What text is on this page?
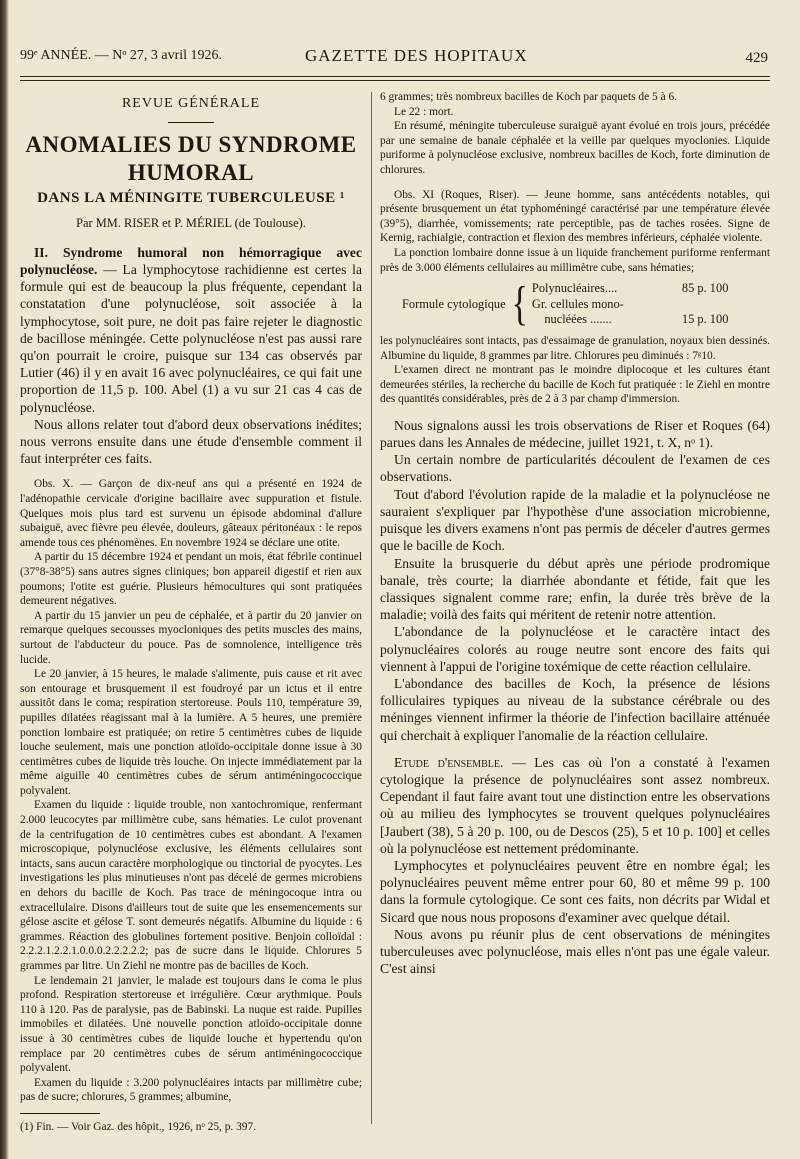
99ᵉ ANNÉE. — Nᵒ 27, 3 avril 1926.	GAZETTE DES HOPITAUX	429
REVUE GÉNÉRALE
ANOMALIES DU SYNDROME HUMORAL
DANS LA MÉNINGITE TUBERCULEUSE ¹
Par MM. RISER et P. MÉRIEL (de Toulouse).

II. Syndrome humoral non hémorragique avec polynucléose. — La lymphocytose rachidienne est certes la formule qui est de beaucoup la plus fréquente, cependant la constatation d'une polynucléose, soit associée à la lymphocytose, soit pure, ne doit pas faire rejeter le diagnostic de bacillose méningée. Cette polynucléose n'est pas aussi rare qu'on pourrait le croire, puisque sur 134 cas observés par Lutier (46) il y en avait 16 avec polynucléaires, ce qui fait une proportion de 11,5 p. 100. Abel (1) a vu sur 21 cas 4 cas de polynucléose.

Nous allons relater tout d'abord deux observations inédites; nous verrons ensuite dans une étude d'ensemble comment il faut interpréter ces faits.

Obs. X. — Garçon de dix-neuf ans qui a présenté en 1924 de l'adénopathie cervicale d'origine bacillaire avec suppuration et fistule. Quelques mois plus tard est survenu un épisode abdominal d'allure subaiguë, avec fièvre peu élevée, douleurs, gâteaux péritonéaux : le repos amende tous ces phénomènes. En novembre 1924 se déclare une otite.

A partir du 15 décembre 1924 et pendant un mois, état fébrile continuel (37°8-38°5) sans autres signes cliniques; bon appareil digestif et rien aux poumons; l'otite est guérie. Plusieurs hémocultures qui sont pratiquées demeurent négatives.

A partir du 15 janvier un peu de céphalée, et à partir du 20 janvier on remarque quelques secousses myocloniques des petits muscles des mains, surtout de l'abducteur du pouce. Pas de somnolence, intelligence très lucide.

Le 20 janvier, à 15 heures, le malade s'alimente, puis cause et rit avec son entourage et brusquement il est foudroyé par un ictus et il entre aussitôt dans le coma; respiration stertoreuse. Pouls 110, température 39, pupilles dilatées réagissant mal à la lumière. A 5 heures, une première ponction lombaire est pratiquée; on retire 5 centimètres cubes de liquide louche seulement, mais une ponction atloïdo-occipitale donne issue à 30 centimètres cubes de liquide très louche. On injecte immédiatement par la même aiguille 40 centimètres cubes de sérum antiméningococcique polyvalent.

Examen du liquide : liquide trouble, non xantochromique, renfermant 2.000 leucocytes par millimètre cube, sans hématies. Le culot provenant de la centrifugation de 10 centimètres cubes est abondant. A l'examen microscopique, polynucléose exclusive, les éléments cellulaires sont intacts, sans aucun caractère morphologique ou tinctorial de pyocytes. Les investigations les plus minutieuses n'ont pas décelé de germes microbiens en dehors du bacille de Koch. Pas trace de méningocoque intra ou extracellulaire. Disons d'ailleurs tout de suite que les ensemencements sur gélose ascite et gélose T. sont demeurés négatifs. Albumine du liquide : 6 grammes. Réaction des globulines fortement positive. Benjoin colloïdal : 2.2.2.1.2.2.1.0.0.0.2.2.2.2.2; pas de sucre dans le liquide. Chlorures 5 grammes par litre. Un Ziehl ne montre pas de bacilles de Koch.

Le lendemain 21 janvier, le malade est toujours dans le coma le plus profond. Respiration stertoreuse et irrégulière. Cœur arythmique. Pouls 110 à 120. Pas de paralysie, pas de Babinski. La nuque est raide. Pupilles immobiles et dilatées. Une nouvelle ponction atloïdo-occipitale donne issue à 30 centimètres cubes de liquide louche et hypertendu qu'on remplace par 20 centimètres cubes de sérum antiméningococcique polyvalent.

Examen du liquide : 3.200 polynucléaires intacts par millimètre cube; pas de sucre; chlorures, 5 grammes; albumine,

(1) Fin. — Voir Gaz. des hôpit., 1926, nᵒ 25, p. 397.

6 grammes; très nombreux bacilles de Koch par paquets de 5 à 6.

Le 22 : mort.

En résumé, méningite tuberculeuse suraiguë ayant évolué en trois jours, précédée par une semaine de banale céphalée et la veille par quelques myoclonies. Liquide puriforme à polynucléose exclusive, nombreux bacilles de Koch, forte diminution de chlorures.

Obs. XI (Roques, Riser). — Jeune homme, sans antécédents notables, qui présente brusquement un état typhoméningé caractérisé par une température élevée (39°5), diarrhée, vomissements; rate perceptible, pas de taches rosées. Signe de Kernig, rachialgie, contraction et flexion des membres inférieurs, céphalée violente.

La ponction lombaire donne issue à un liquide franchement puriforme renfermant près de 3.000 éléments cellulaires au millimètre cube, sans hématies;

Formule cytologique { Polynucléaires....	85 p. 100
Gr. cellules mono-
nucléées .......	15 p. 100

les polynucléaires sont intacts, pas d'essaimage de granulation, noyaux bien dessinés. Albumine du liquide, 8 grammes par litre. Chlorures peu diminués : 7ᵍ10.

L'examen direct ne montrant pas le moindre diplocoque et les cultures étant demeurées stériles, la recherche du bacille de Koch fut pratiquée : le Ziehl en montre des quantités considérables, près de 2 à 3 par champ d'immersion.

Nous signalons aussi les trois observations de Riser et Roques (64) parues dans les Annales de médecine, juillet 1921, t. X, nᵒ 1).

Un certain nombre de particularités découlent de l'examen de ces observations.

Tout d'abord l'évolution rapide de la maladie et la polynucléose ne sauraient s'expliquer par l'hypothèse d'une association microbienne, puisque les divers examens n'ont pas permis de déceler d'autres germes que le bacille de Koch.

Ensuite la brusquerie du début après une période prodromique banale, très courte; la diarrhée abondante et fétide, fait que les classiques signalent comme rare; enfin, la durée très brève de la maladie; voilà des faits qui méritent de retenir notre attention.

L'abondance de la polynucléose et le caractère intact des polynucléaires colorés au rouge neutre sont encore des faits qui viennent à l'appui de l'origine toxémique de cette réaction cellulaire.

L'abondance des bacilles de Koch, la présence de lésions folliculaires typiques au niveau de la substance cérébrale ou des méninges viennent infirmer la théorie de l'infection bacillaire atténuée qui cherchait à expliquer l'anomalie de la réaction cellulaire.

Etude d'ensemble. — Les cas où l'on a constaté à l'examen cytologique la présence de polynucléaires sont assez nombreux. Cependant il faut faire avant tout une distinction entre les observations où au milieu des lymphocytes se trouvent quelques polynucléaires [Jaubert (38), 5 à 20 p. 100, ou de Descos (25), 5 et 10 p. 100] et celles où la polynucléose est nettement prédominante.

Lymphocytes et polynucléaires peuvent être en nombre égal; les polynucléaires peuvent même entrer pour 60, 80 et même 99 p. 100 dans la formule cytologique. Ce sont ces faits, non décrits par Widal et Sicard que nous nous proposons d'examiner avec quelque détail.

Nous avons pu réunir plus de cent observations de méningites tuberculeuses avec polynucléose, mais elles n'ont pas une égale valeur. C'est ainsi
